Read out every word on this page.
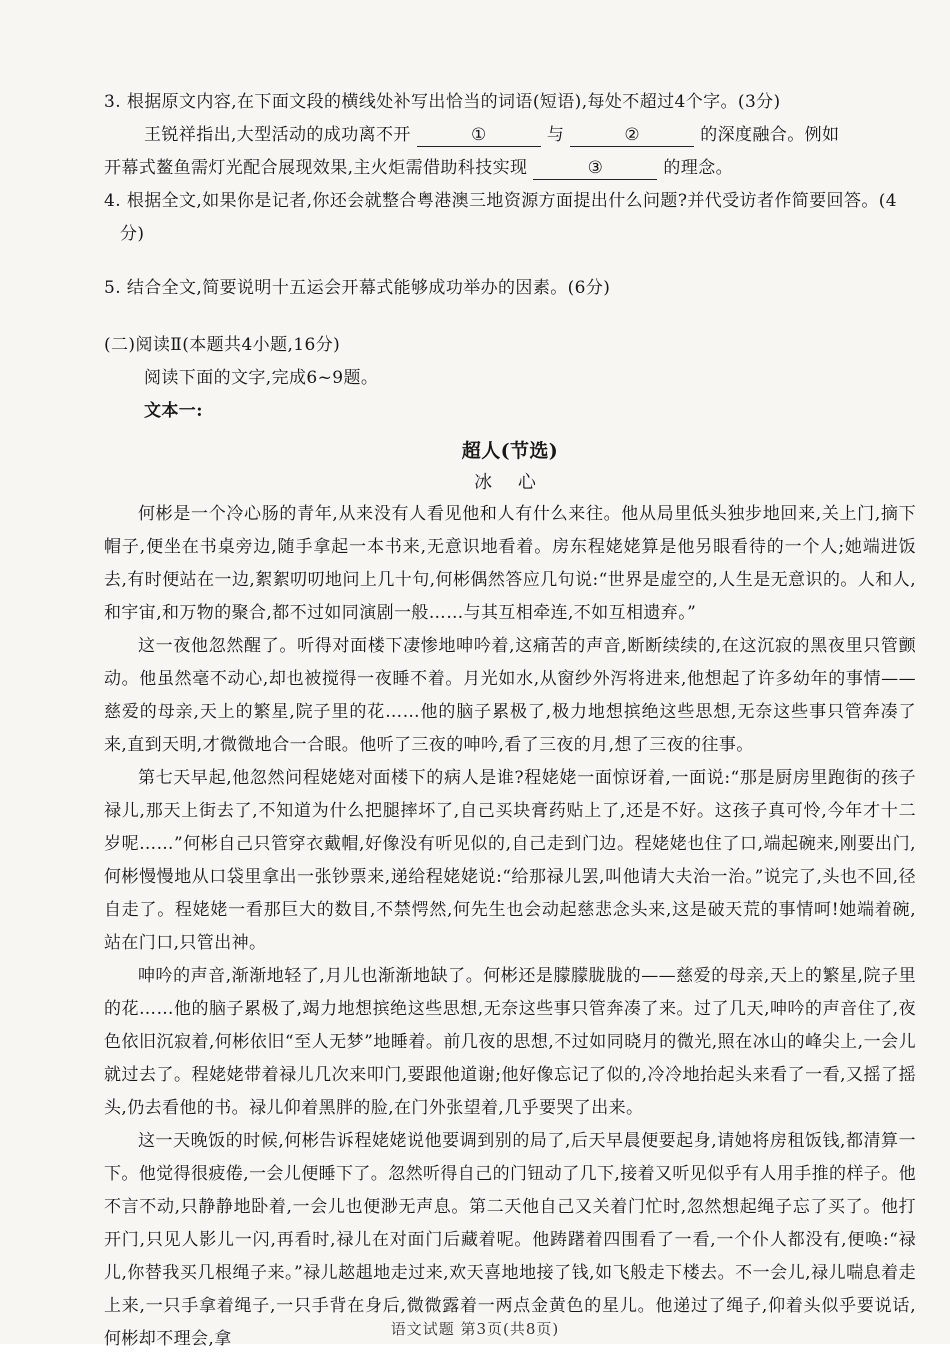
3. 根据原文内容,在下面文段的横线处补写出恰当的词语(短语),每处不超过4个字。(3分)

王锐祥指出,大型活动的成功离不开	①	与	②	的深度融合。例如

开幕式鳌鱼需灯光配合展现效果,主火炬需借助科技实现	③	的理念。

4. 根据全文,如果你是记者,你还会就整合粤港澳三地资源方面提出什么问题?并代受访者作简要回答。(4分)

5. 结合全文,简要说明十五运会开幕式能够成功举办的因素。(6分)

(二)阅读Ⅱ(本题共4小题,16分)

阅读下面的文字,完成6~9题。

文本一:

超人(节选)
冰 心

何彬是一个冷心肠的青年,从来没有人看见他和人有什么来往。他从局里低头独步地回来,关上门,摘下帽子,便坐在书桌旁边,随手拿起一本书来,无意识地看着。房东程姥姥算是他另眼看待的一个人;她端进饭去,有时便站在一边,絮絮叨叨地问上几十句,何彬偶然答应几句说:“世界是虚空的,人生是无意识的。人和人,和宇宙,和万物的聚合,都不过如同演剧一般……与其互相牵连,不如互相遗弃。”

这一夜他忽然醒了。听得对面楼下凄惨地呻吟着,这痛苦的声音,断断续续的,在这沉寂的黑夜里只管颤动。他虽然毫不动心,却也被搅得一夜睡不着。月光如水,从窗纱外泻将进来,他想起了许多幼年的事情——慈爱的母亲,天上的繁星,院子里的花……他的脑子累极了,极力地想摈绝这些思想,无奈这些事只管奔凑了来,直到天明,才微微地合一合眼。他听了三夜的呻吟,看了三夜的月,想了三夜的往事。

第七天早起,他忽然问程姥姥对面楼下的病人是谁?程姥姥一面惊讶着,一面说:“那是厨房里跑街的孩子禄儿,那天上街去了,不知道为什么把腿摔坏了,自己买块膏药贴上了,还是不好。这孩子真可怜,今年才十二岁呢……”何彬自己只管穿衣戴帽,好像没有听见似的,自己走到门边。程姥姥也住了口,端起碗来,刚要出门,何彬慢慢地从口袋里拿出一张钞票来,递给程姥姥说:“给那禄儿罢,叫他请大夫治一治。”说完了,头也不回,径自走了。程姥姥一看那巨大的数目,不禁愕然,何先生也会动起慈悲念头来,这是破天荒的事情呵!她端着碗,站在门口,只管出神。

呻吟的声音,渐渐地轻了,月儿也渐渐地缺了。何彬还是朦朦胧胧的——慈爱的母亲,天上的繁星,院子里的花……他的脑子累极了,竭力地想摈绝这些思想,无奈这些事只管奔凑了来。过了几天,呻吟的声音住了,夜色依旧沉寂着,何彬依旧“至人无梦”地睡着。前几夜的思想,不过如同晓月的微光,照在冰山的峰尖上,一会儿就过去了。程姥姥带着禄儿几次来叩门,要跟他道谢;他好像忘记了似的,冷冷地抬起头来看了一看,又摇了摇头,仍去看他的书。禄儿仰着黑胖的脸,在门外张望着,几乎要哭了出来。

这一天晚饭的时候,何彬告诉程姥姥说他要调到别的局了,后天早晨便要起身,请她将房租饭钱,都清算一下。他觉得很疲倦,一会儿便睡下了。忽然听得自己的门钮动了几下,接着又听见似乎有人用手推的样子。他不言不动,只静静地卧着,一会儿也便渺无声息。第二天他自己又关着门忙时,忽然想起绳子忘了买了。他打开门,只见人影儿一闪,再看时,禄儿在对面门后藏着呢。他踌躇着四围看了一看,一个仆人都没有,便唤:“禄儿,你替我买几根绳子来。”禄儿趑趄地走过来,欢天喜地地接了钱,如飞般走下楼去。不一会儿,禄儿喘息着走上来,一只手拿着绳子,一只手背在身后,微微露着一两点金黄色的星儿。他递过了绳子,仰着头似乎要说话,何彬却不理会,拿	语文试题 第3页(共8页)
